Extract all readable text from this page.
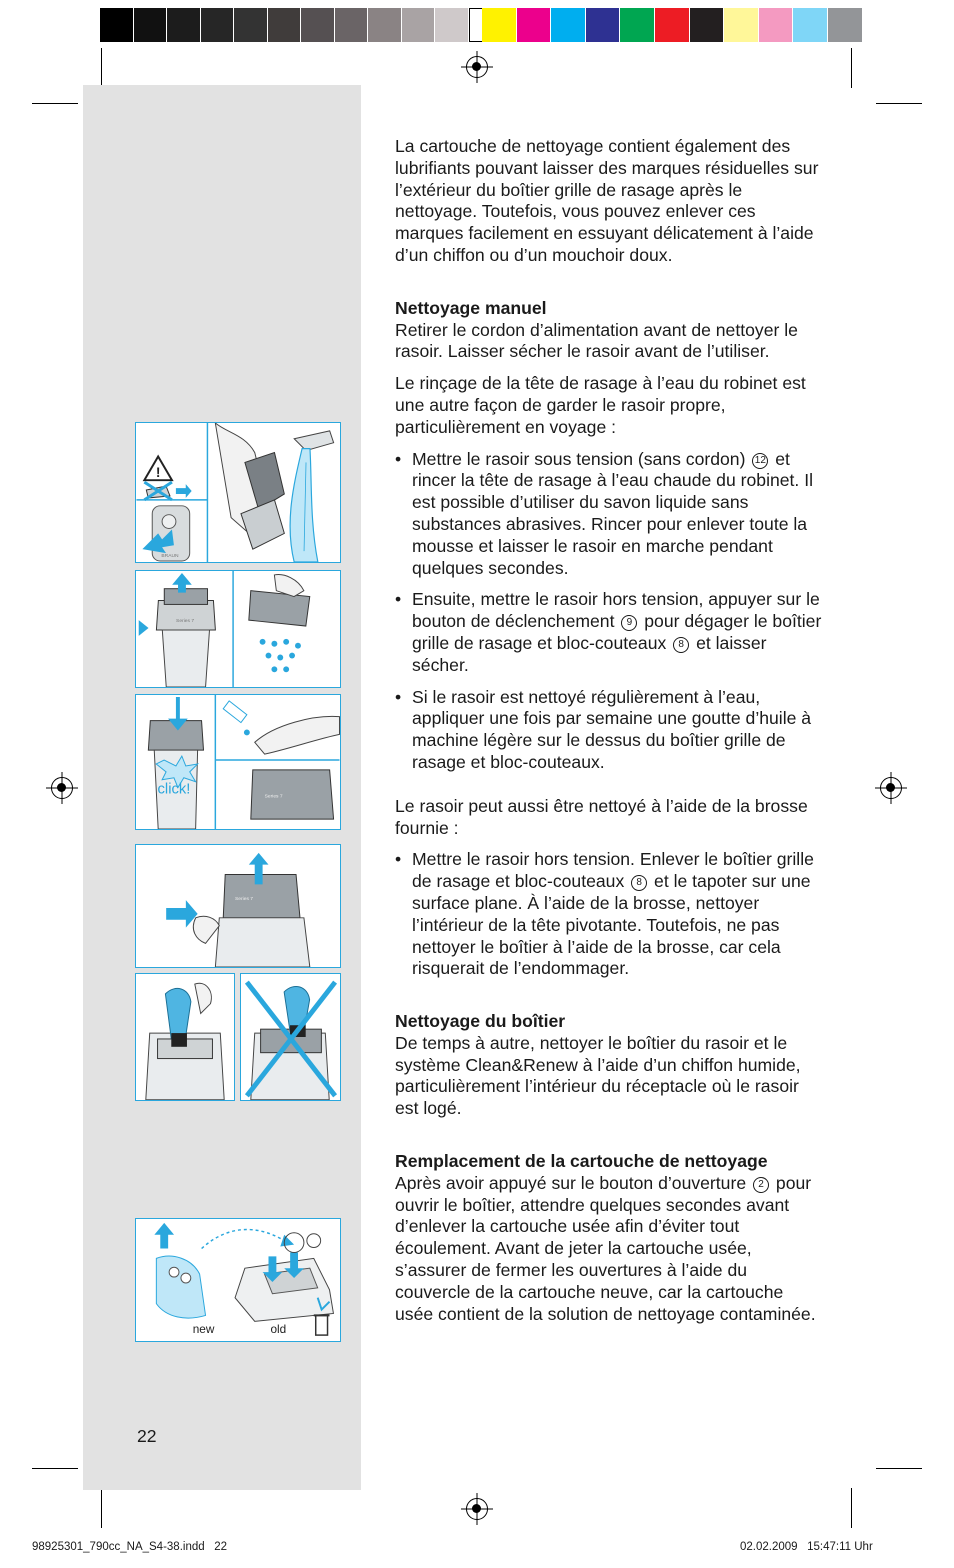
!
BRAUN
Series 7
click!	Series 7
Series 7
new	old

La cartouche de nettoyage contient également des lubrifiants pouvant laisser des marques résiduelles sur l’extérieur du boîtier grille de rasage après le nettoyage. Toutefois, vous pouvez enlever ces marques facilement en essuyant délicatement à l’aide d’un chiffon ou d’un mouchoir doux.

Nettoyage manuel

Retirer le cordon d’alimentation avant de nettoyer le rasoir. Laisser sécher le rasoir avant de l’utiliser.

Le rinçage de la tête de rasage à l’eau du robinet est une autre façon de garder le rasoir propre, particulièrement en voyage :

• Mettre le rasoir sous tension (sans cordon) 12 et rincer la tête de rasage à l’eau chaude du robinet. Il est possible d’utiliser du savon liquide sans substances abrasives. Rincer pour enlever toute la mousse et laisser le rasoir en marche pendant quelques secondes.
• Ensuite, mettre le rasoir hors tension, appuyer sur le bouton de déclenchement 9 pour dégager le boîtier grille de rasage et bloc-couteaux 8 et laisser sécher.
• Si le rasoir est nettoyé régulièrement à l’eau, appliquer une fois par semaine une goutte d’huile à machine légère sur le dessus du boîtier grille de rasage et bloc-couteaux.

Le rasoir peut aussi être nettoyé à l’aide de la brosse fournie :

• Mettre le rasoir hors tension. Enlever le boîtier grille de rasage et bloc-couteaux 8 et le tapoter sur une surface plane. À l’aide de la brosse, nettoyer l’intérieur de la tête pivotante. Toutefois, ne pas nettoyer le boîtier à l’aide de la brosse, car cela risquerait de l’endommager.

Nettoyage du boîtier

De temps à autre, nettoyer le boîtier du rasoir et le système Clean&Renew à l’aide d’un chiffon humide, particulièrement l’intérieur du réceptacle où le rasoir est logé.

Remplacement de la cartouche de nettoyage

Après avoir appuyé sur le bouton d’ouverture 2 pour ouvrir le boîtier, attendre quelques secondes avant d’enlever la cartouche usée afin d’éviter tout écoulement. Avant de jeter la cartouche usée, s’assurer de fermer les ouvertures à l’aide du couvercle de la cartouche neuve, car la cartouche usée contient de la solution de nettoyage contaminée.

22
98925301_790cc_NA_S4-38.indd   22	02.02.2009   15:47:11 Uhr
